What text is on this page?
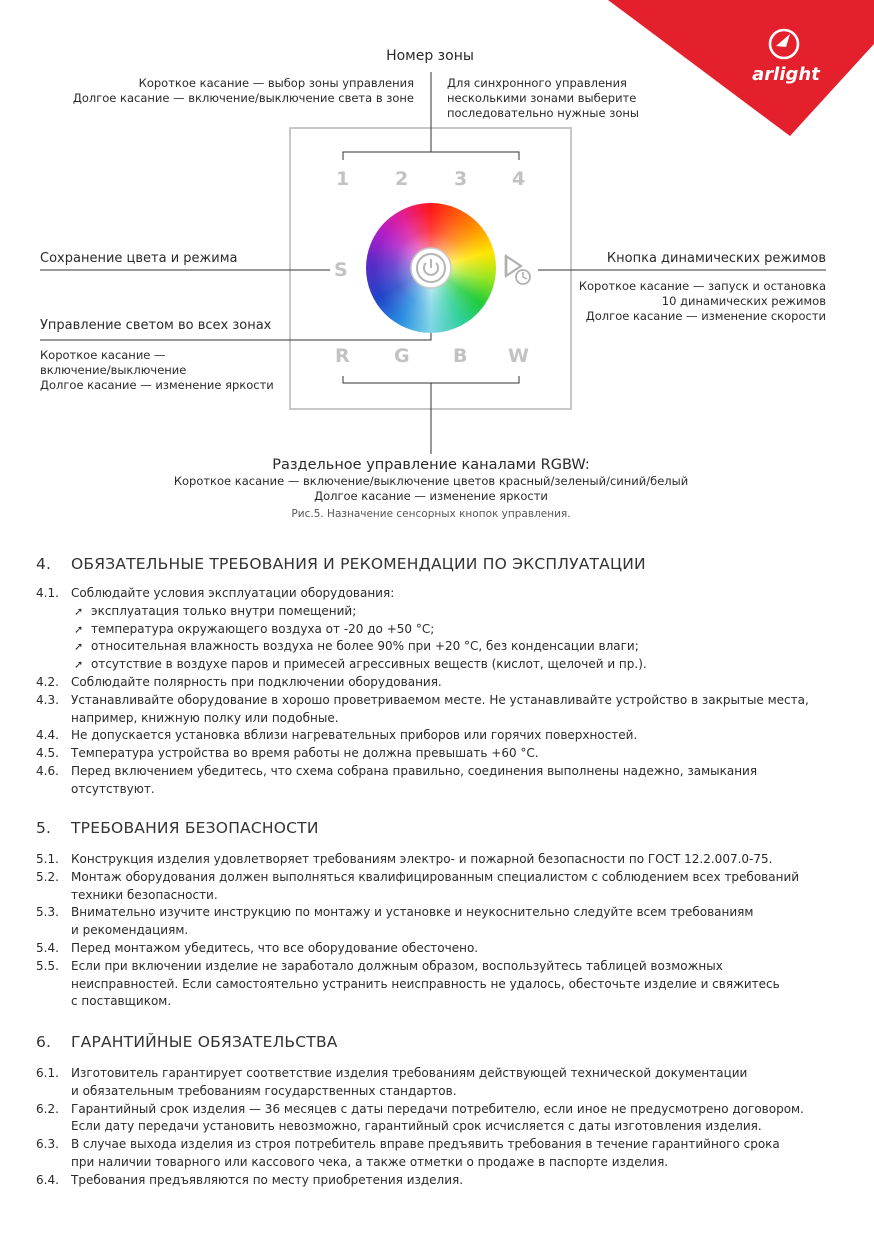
arlight
1 2 3 4
S
R G B W
Номер зоны
Короткое касание — выбор зоны управления
Долгое касание — включение/выключение света в зоне
Для синхронного управления
несколькими зонами выберите
последовательно нужные зоны
Сохранение цвета и режима
Управление светом во всех зонах
Короткое касание —
включение/выключение
Долгое касание — изменение яркости
Кнопка динамических режимов
Короткое касание — запуск и остановка
10 динамических режимов
Долгое касание — изменение скорости
Раздельное управление каналами RGBW:
Короткое касание — включение/выключение цветов красный/зеленый/синий/белый
Долгое касание — изменение яркости
Рис.5. Назначение сенсорных кнопок управления.
4. ОБЯЗАТЕЛЬНЫЕ ТРЕБОВАНИЯ И РЕКОМЕНДАЦИИ ПО ЭКСПЛУАТАЦИИ
4.1.	Соблюдайте условия эксплуатации оборудования:
➚ эксплуатация только внутри помещений;
➚ температура окружающего воздуха от -20 до +50 °С;
➚ относительная влажность воздуха не более 90% при +20 °С, без конденсации влаги;
➚ отсутствие в воздухе паров и примесей агрессивных веществ (кислот, щелочей и пр.).
4.2.	Соблюдайте полярность при подключении оборудования.
4.3.	Устанавливайте оборудование в хорошо проветриваемом месте. Не устанавливайте устройство в закрытые места,
например, книжную полку или подобные.
4.4.	Не допускается установка вблизи нагревательных приборов или горячих поверхностей.
4.5.	Температура устройства во время работы не должна превышать +60 °С.
4.6.	Перед включением убедитесь, что схема собрана правильно, соединения выполнены надежно, замыкания
отсутствуют.
5. ТРЕБОВАНИЯ БЕЗОПАСНОСТИ
5.1.	Конструкция изделия удовлетворяет требованиям электро- и пожарной безопасности по ГОСТ 12.2.007.0-75.
5.2.	Монтаж оборудования должен выполняться квалифицированным специалистом с соблюдением всех требований
техники безопасности.
5.3.	Внимательно изучите инструкцию по монтажу и установке и неукоснительно следуйте всем требованиям
и рекомендациям.
5.4.	Перед монтажом убедитесь, что все оборудование обесточено.
5.5.	Если при включении изделие не заработало должным образом, воспользуйтесь таблицей возможных
неисправностей. Если самостоятельно устранить неисправность не удалось, обесточьте изделие и свяжитесь
с поставщиком.
6. ГАРАНТИЙНЫЕ ОБЯЗАТЕЛЬСТВА
6.1.	Изготовитель гарантирует соответствие изделия требованиям действующей технической документации
и обязательным требованиям государственных стандартов.
6.2.	Гарантийный срок изделия — 36 месяцев с даты передачи потребителю, если иное не предусмотрено договором.
Если дату передачи установить невозможно, гарантийный срок исчисляется с даты изготовления изделия.
6.3.	В случае выхода изделия из строя потребитель вправе предъявить требования в течение гарантийного срока
при наличии товарного или кассового чека, а также отметки о продаже в паспорте изделия.
6.4.	Требования предъявляются по месту приобретения изделия.
